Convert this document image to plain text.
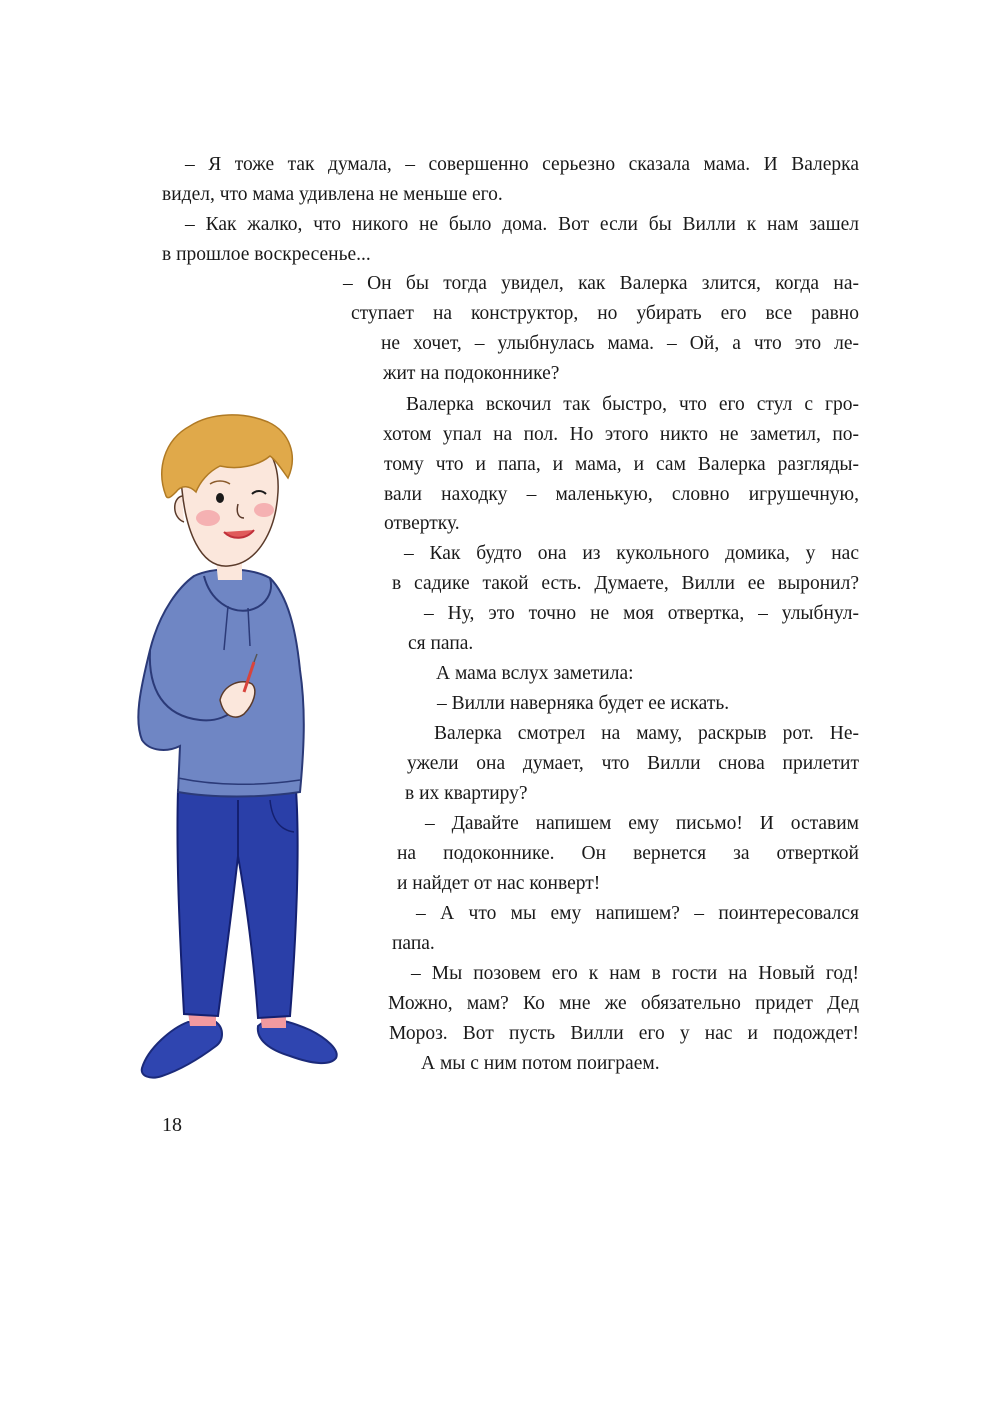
– Я тоже так думала, – совершенно серьезно сказала мама. И Валерка
видел, что мама удивлена не меньше его.
– Как жалко, что никого не было дома. Вот если бы Вилли к нам зашел
в прошлое воскресенье...
– Он бы тогда увидел, как Валерка злится, когда на-
ступает на конструктор, но убирать его все равно
не хочет, – улыбнулась мама. – Ой, а что это ле-
жит на подоконнике?
Валерка вскочил так быстро, что его стул с гро-
хотом упал на пол. Но этого никто не заметил, по-
тому что и папа, и мама, и сам Валерка разгляды-
вали находку – маленькую, словно игрушечную,
отвертку.
– Как будто она из кукольного домика, у нас
в садике такой есть. Думаете, Вилли ее выронил?
– Ну, это точно не моя отвертка, – улыбнул-
ся папа.
А мама вслух заметила:
– Вилли наверняка будет ее искать.
Валерка смотрел на маму, раскрыв рот. Не-
ужели она думает, что Вилли снова прилетит
в их квартиру?
– Давайте напишем ему письмо! И оставим
на подоконнике. Он вернется за отверткой
и найдет от нас конверт!
– А что мы ему напишем? – поинтересовался
папа.
– Мы позовем его к нам в гости на Новый год!
Можно, мам? Ко мне же обязательно придет Дед
Мороз. Вот пусть Вилли его у нас и подождет!
А мы с ним потом поиграем.
18
